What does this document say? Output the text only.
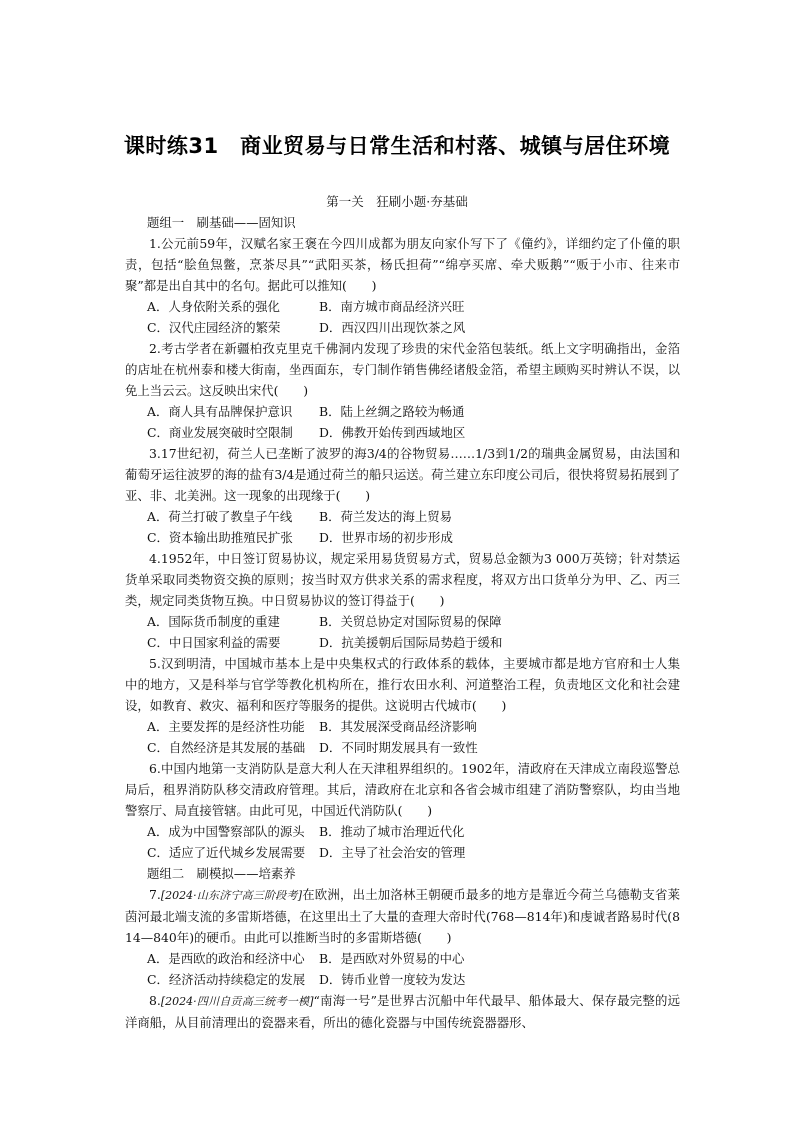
课时练31　商业贸易与日常生活和村落、城镇与居住环境
第一关　狂刷小题·夯基础
题组一　刷基础——固知识

1.公元前59年，汉赋名家王褒在今四川成都为朋友向家仆写下了《僮约》，详细约定了仆僮的职责，包括“脍鱼炰鳖，烹茶尽具”“武阳买茶，杨氏担荷”“绵亭买席、牵犬贩鹅”“贩于小市、往来市聚”都是出自其中的名句。据此可以推知(　　)

A．人身依附关系的强化	B．南方城市商品经济兴旺
C．汉代庄园经济的繁荣	D．西汉四川出现饮茶之风

2.考古学者在新疆柏孜克里克千佛洞内发现了珍贵的宋代金箔包装纸。纸上文字明确指出，金箔的店址在杭州泰和楼大街南，坐西面东，专门制作销售佛经诸般金箔，希望主顾购买时辨认不误，以免上当云云。这反映出宋代(　　)

A．商人具有品牌保护意识	B．陆上丝绸之路较为畅通
C．商业发展突破时空限制	D．佛教开始传到西域地区

3.17世纪初，荷兰人已垄断了波罗的海3/4的谷物贸易……1/3到1/2的瑞典金属贸易，由法国和葡萄牙运往波罗的海的盐有3/4是通过荷兰的船只运送。荷兰建立东印度公司后，很快将贸易拓展到了亚、非、北美洲。这一现象的出现缘于(　　)

A．荷兰打破了教皇子午线	B．荷兰发达的海上贸易
C．资本输出助推殖民扩张	D．世界市场的初步形成

4.1952年，中日签订贸易协议，规定采用易货贸易方式，贸易总金额为3 000万英镑；针对禁运货单采取同类物资交换的原则；按当时双方供求关系的需求程度，将双方出口货单分为甲、乙、丙三类，规定同类货物互换。中日贸易协议的签订得益于(　　)

A．国际货币制度的重建	B．关贸总协定对国际贸易的保障
C．中日国家利益的需要	D．抗美援朝后国际局势趋于缓和

5.汉到明清，中国城市基本上是中央集权式的行政体系的载体，主要城市都是地方官府和士人集中的地方，又是科举与官学等教化机构所在，推行农田水利、河道整治工程，负责地区文化和社会建设，如教育、救灾、福利和医疗等服务的提供。这说明古代城市(　　)

A．主要发挥的是经济性功能	B．其发展深受商品经济影响
C．自然经济是其发展的基础	D．不同时期发展具有一致性

6.中国内地第一支消防队是意大利人在天津租界组织的。1902年，清政府在天津成立南段巡警总局后，租界消防队移交清政府管理。其后，清政府在北京和各省会城市组建了消防警察队，均由当地警察厅、局直接管辖。由此可见，中国近代消防队(　　)

A．成为中国警察部队的源头	B．推动了城市治理近代化
C．适应了近代城乡发展需要	D．主导了社会治安的管理
题组二　刷模拟——培素养

7.[2024·山东济宁高三阶段考]在欧洲，出土加洛林王朝硬币最多的地方是靠近今荷兰乌德勒支省莱茵河最北端支流的多雷斯塔德，在这里出土了大量的查理大帝时代(768—814年)和虔诚者路易时代(814—840年)的硬币。由此可以推断当时的多雷斯塔德(　　)

A．是西欧的政治和经济中心	B．是西欧对外贸易的中心
C．经济活动持续稳定的发展	D．铸币业曾一度较为发达

8.[2024·四川自贡高三统考一模]“南海一号”是世界古沉船中年代最早、船体最大、保存最完整的远洋商船，从目前清理出的瓷器来看，所出的德化瓷器与中国传统瓷器器形、
